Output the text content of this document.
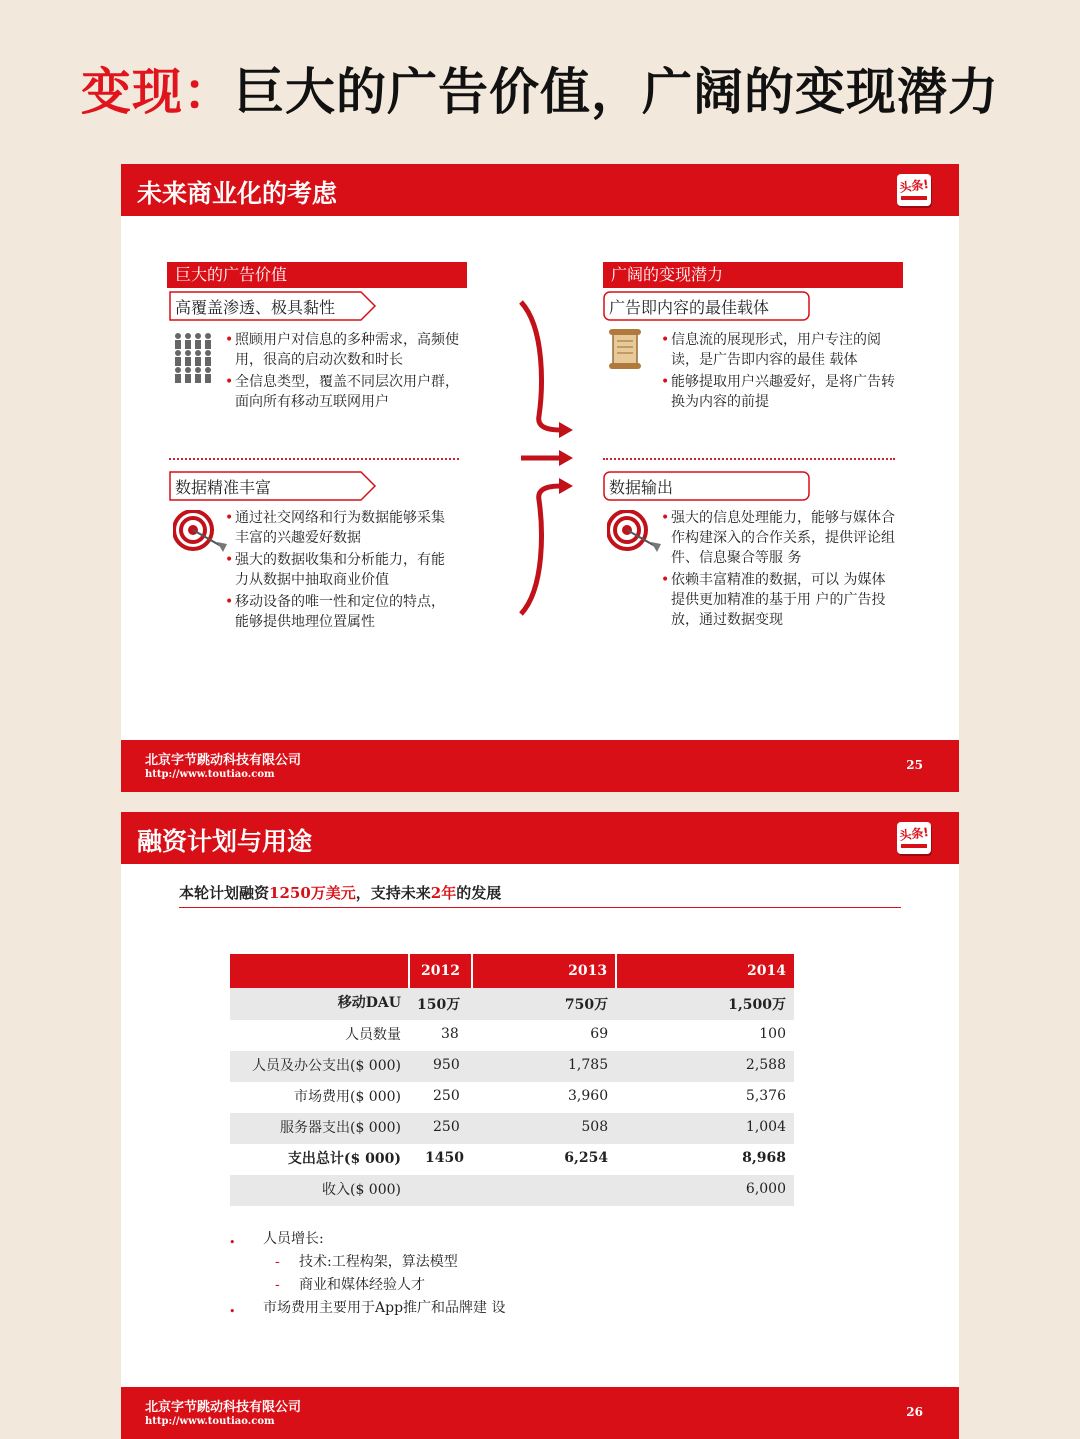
变现：巨大的广告价值，广阔的变现潜力
未来商业化的考虑	头条!
巨大的广告价值
高覆盖渗透、极具黏性
• 照顾用户对信息的多种需求，高频使用，很高的启动次数和时长
• 全信息类型，覆盖不同层次用户群，面向所有移动互联网用户
数据精准丰富
• 通过社交网络和行为数据能够采集丰富的兴趣爱好数据
• 强大的数据收集和分析能力，有能力从数据中抽取商业价值
• 移动设备的唯一性和定位的特点，能够提供地理位置属性
广阔的变现潜力
广告即内容的最佳载体
• 信息流的展现形式，用户专注的阅读，是广告即内容的最佳 载体
• 能够提取用户兴趣爱好，是将广告转换为内容的前提
数据输出
• 强大的信息处理能力，能够与媒体合作构建深入的合作关系，提供评论组件、信息聚合等服 务
• 依赖丰富精准的数据，可以 为媒体提供更加精准的基于用 户的广告投放，通过数据变现
北京字节跳动科技有限公司
http://www.toutiao.com
25
融资计划与用途	头条!
本轮计划融资1250万美元，支持未来2年的发展
	2012	2013	2014
移动DAU	150万	750万	1,500万
人员数量	38	69	100
人员及办公支出($ 000)	950	1,785	2,588
市场费用($ 000)	250	3,960	5,376
服务器支出($ 000)	250	508	1,004
支出总计($ 000)	1450	6,254	8,968
收入($ 000)			6,000
• 人员增长:
- 技术:工程构架，算法模型
- 商业和媒体经验人才
• 市场费用主要用于App推广和品牌建 设
北京字节跳动科技有限公司
http://www.toutiao.com
26
